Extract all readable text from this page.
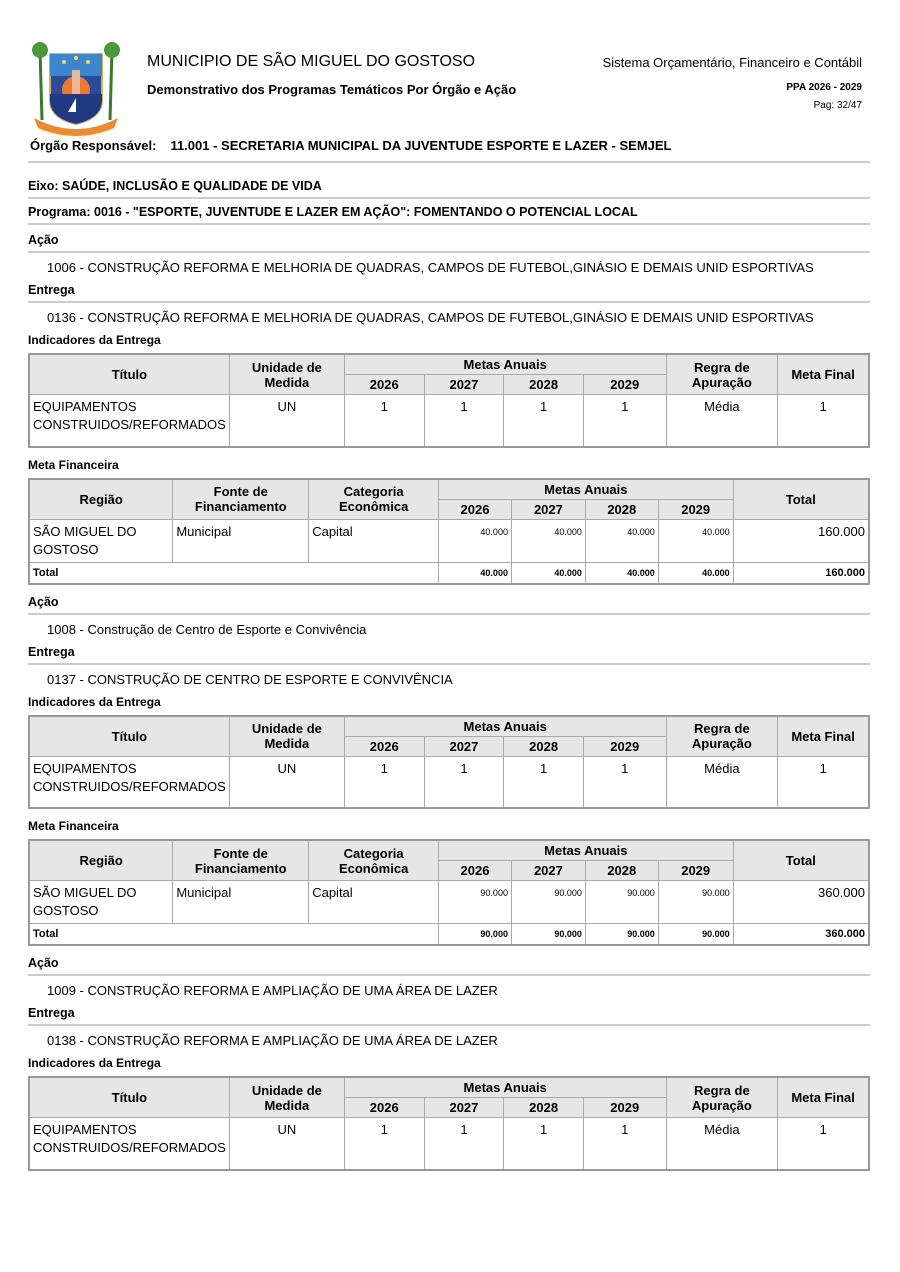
MUNICIPIO DE SÃO MIGUEL DO GOSTOSO
Demonstrativo dos Programas Temáticos Por Órgão e Ação
Sistema Orçamentário, Financeiro e Contábil
PPA 2026 - 2029
Pag: 32/47
Órgão Responsável: 11.001 - SECRETARIA MUNICIPAL DA JUVENTUDE ESPORTE E LAZER - SEMJEL
Eixo: SAÚDE, INCLUSÃO E QUALIDADE DE VIDA
Programa: 0016 - "ESPORTE, JUVENTUDE E LAZER EM AÇÃO": FOMENTANDO O POTENCIAL LOCAL
Ação
1006 - CONSTRUÇÃO REFORMA E MELHORIA DE QUADRAS, CAMPOS DE FUTEBOL,GINÁSIO E DEMAIS UNID ESPORTIVAS
Entrega
0136 - CONSTRUÇÃO REFORMA E MELHORIA DE QUADRAS, CAMPOS DE FUTEBOL,GINÁSIO E DEMAIS UNID ESPORTIVAS
Indicadores da Entrega
Título	Unidade de Medida	Metas Anuais				Regra de Apuração	Meta Final
		2026	2027	2028	2029		
EQUIPAMENTOS CONSTRUIDOS/REFORMADOS	UN	1	1	1	1	Média	1
Meta Financeira
Região	Fonte de Financiamento	Categoria Econômica	Metas Anuais				Total
			2026	2027	2028	2029	
SÃO MIGUEL DO GOSTOSO	Municipal	Capital	40.000	40.000	40.000	40.000	160.000
Total			40.000	40.000	40.000	40.000	160.000
Ação
1008 - Construção de Centro de Esporte e Convivência
Entrega
0137 - CONSTRUÇÃO DE CENTRO DE ESPORTE E CONVIVÊNCIA
Indicadores da Entrega
Título	Unidade de Medida	Metas Anuais				Regra de Apuração	Meta Final
		2026	2027	2028	2029		
EQUIPAMENTOS CONSTRUIDOS/REFORMADOS	UN	1	1	1	1	Média	1
Meta Financeira
Região	Fonte de Financiamento	Categoria Econômica	Metas Anuais				Total
			2026	2027	2028	2029	
SÃO MIGUEL DO GOSTOSO	Municipal	Capital	90.000	90.000	90.000	90.000	360.000
Total			90.000	90.000	90.000	90.000	360.000
Ação
1009 - CONSTRUÇÃO REFORMA E AMPLIAÇÃO DE UMA ÁREA DE LAZER
Entrega
0138 - CONSTRUÇÃO REFORMA E AMPLIAÇÃO DE UMA ÁREA DE LAZER
Indicadores da Entrega
Título	Unidade de Medida	Metas Anuais				Regra de Apuração	Meta Final
		2026	2027	2028	2029		
EQUIPAMENTOS CONSTRUIDOS/REFORMADOS	UN	1	1	1	1	Média	1
